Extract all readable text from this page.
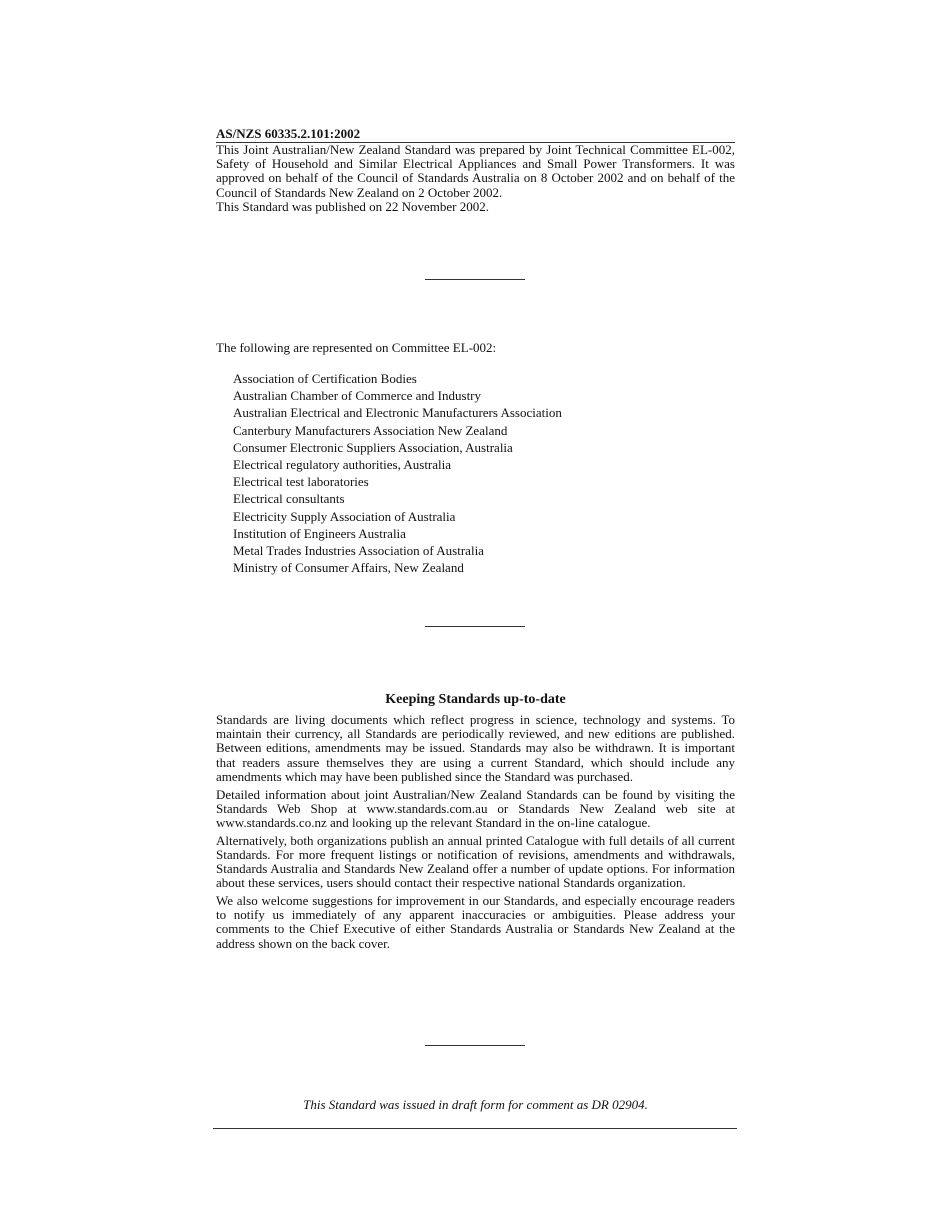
AS/NZS 60335.2.101:2002

This Joint Australian/New Zealand Standard was prepared by Joint Technical Committee EL-002, Safety of Household and Similar Electrical Appliances and Small Power Transformers. It was approved on behalf of the Council of Standards Australia on 8 October 2002 and on behalf of the Council of Standards New Zealand on 2 October 2002.

This Standard was published on 22 November 2002.

The following are represented on Committee EL-002:
Association of Certification Bodies
Australian Chamber of Commerce and Industry
Australian Electrical and Electronic Manufacturers Association
Canterbury Manufacturers Association New Zealand
Consumer Electronic Suppliers Association, Australia
Electrical regulatory authorities, Australia
Electrical test laboratories
Electrical consultants
Electricity Supply Association of Australia
Institution of Engineers Australia
Metal Trades Industries Association of Australia
Ministry of Consumer Affairs, New Zealand
Keeping Standards up-to-date

Standards are living documents which reflect progress in science, technology and systems. To maintain their currency, all Standards are periodically reviewed, and new editions are published. Between editions, amendments may be issued. Standards may also be withdrawn. It is important that readers assure themselves they are using a current Standard, which should include any amendments which may have been published since the Standard was purchased.

Detailed information about joint Australian/New Zealand Standards can be found by visiting the Standards Web Shop at www.standards.com.au or Standards New Zealand web site at www.standards.co.nz and looking up the relevant Standard in the on-line catalogue.

Alternatively, both organizations publish an annual printed Catalogue with full details of all current Standards. For more frequent listings or notification of revisions, amendments and withdrawals, Standards Australia and Standards New Zealand offer a number of update options. For information about these services, users should contact their respective national Standards organization.

We also welcome suggestions for improvement in our Standards, and especially encourage readers to notify us immediately of any apparent inaccuracies or ambiguities. Please address your comments to the Chief Executive of either Standards Australia or Standards New Zealand at the address shown on the back cover.

This Standard was issued in draft form for comment as DR 02904.
